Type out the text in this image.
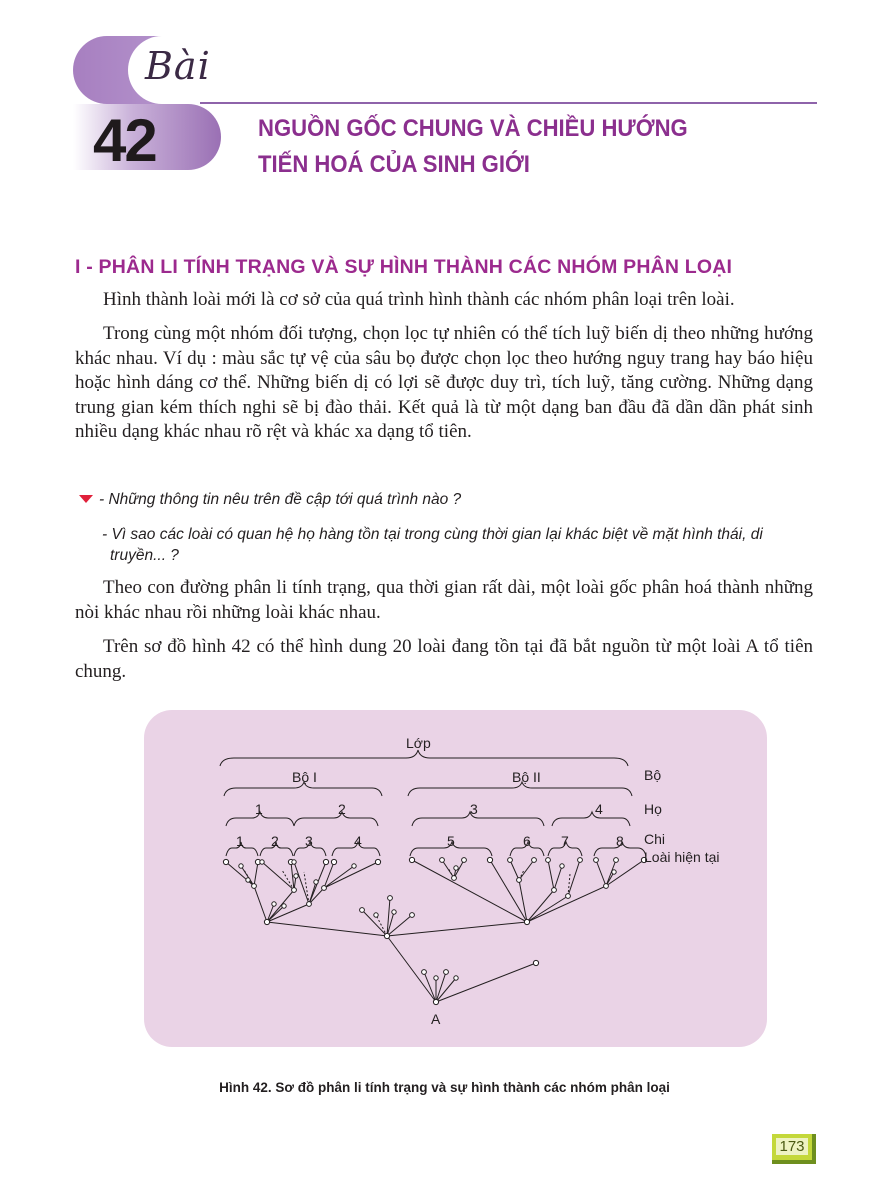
Bài
42	NGUỒN GỐC CHUNG VÀ CHIỀU HƯỚNG
TIẾN HOÁ CỦA SINH GIỚI
I - PHÂN LI TÍNH TRẠNG VÀ SỰ HÌNH THÀNH CÁC NHÓM PHÂN LOẠI

Hình thành loài mới là cơ sở của quá trình hình thành các nhóm phân loại trên loài.

Trong cùng một nhóm đối tượng, chọn lọc tự nhiên có thể tích luỹ biến dị theo những hướng khác nhau. Ví dụ : màu sắc tự vệ của sâu bọ được chọn lọc theo hướng nguy trang hay báo hiệu hoặc hình dáng cơ thể. Những biến dị có lợi sẽ được duy trì, tích luỹ, tăng cường. Những dạng trung gian kém thích nghi sẽ bị đào thải. Kết quả là từ một dạng ban đầu đã dần dần phát sinh nhiều dạng khác nhau rõ rệt và khác xa dạng tổ tiên.

- Những thông tin nêu trên đề cập tới quá trình nào ?
- Vì sao các loài có quan hệ họ hàng tồn tại trong cùng thời gian lại khác biệt về mặt hình thái, di truyền... ?

Theo con đường phân li tính trạng, qua thời gian rất dài, một loài gốc phân hoá thành những nòi khác nhau rồi những loài khác nhau.

Trên sơ đồ hình 42 có thể hình dung 20 loài đang tồn tại đã bắt nguồn từ một loài A tổ tiên chung.

Lớp
Bộ I	Bộ II	Bộ
Họ
Chi
Loài hiện tại
1	2	3	4
1 2 3	4	5	6 7	8
A
Hình 42. Sơ đồ phân li tính trạng và sự hình thành các nhóm phân loại
173
